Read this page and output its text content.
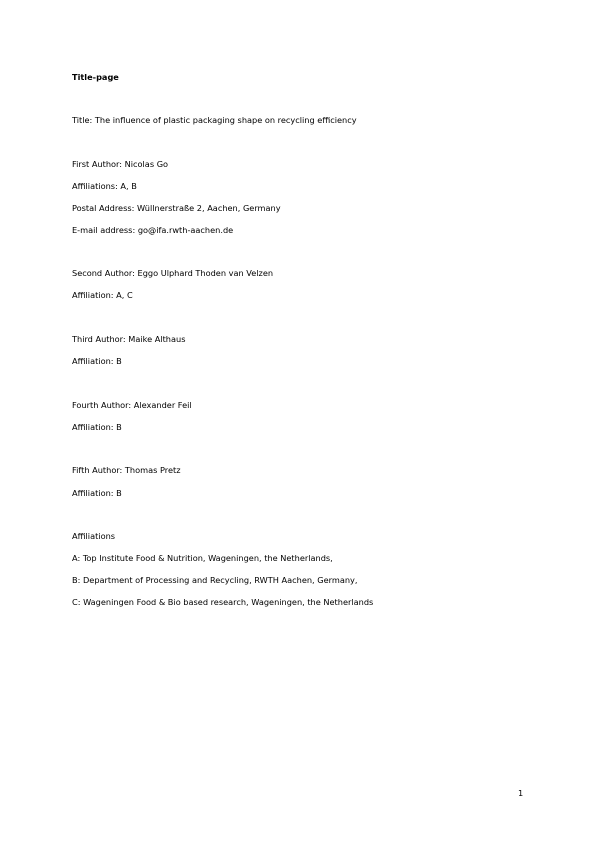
Title-page
Title: The influence of plastic packaging shape on recycling efficiency
First Author: Nicolas Go
Affiliations: A, B
Postal Address: Wüllnerstraße 2, Aachen, Germany
E-mail address: go@ifa.rwth-aachen.de
Second Author: Eggo Ulphard Thoden van Velzen
Affiliation: A, C
Third Author: Maike Althaus
Affiliation: B
Fourth Author: Alexander Feil
Affiliation: B
Fifth Author: Thomas Pretz
Affiliation: B
Affiliations
A: Top Institute Food & Nutrition, Wageningen, the Netherlands,
B: Department of Processing and Recycling, RWTH Aachen, Germany,
C: Wageningen Food & Bio based research, Wageningen, the Netherlands
1
